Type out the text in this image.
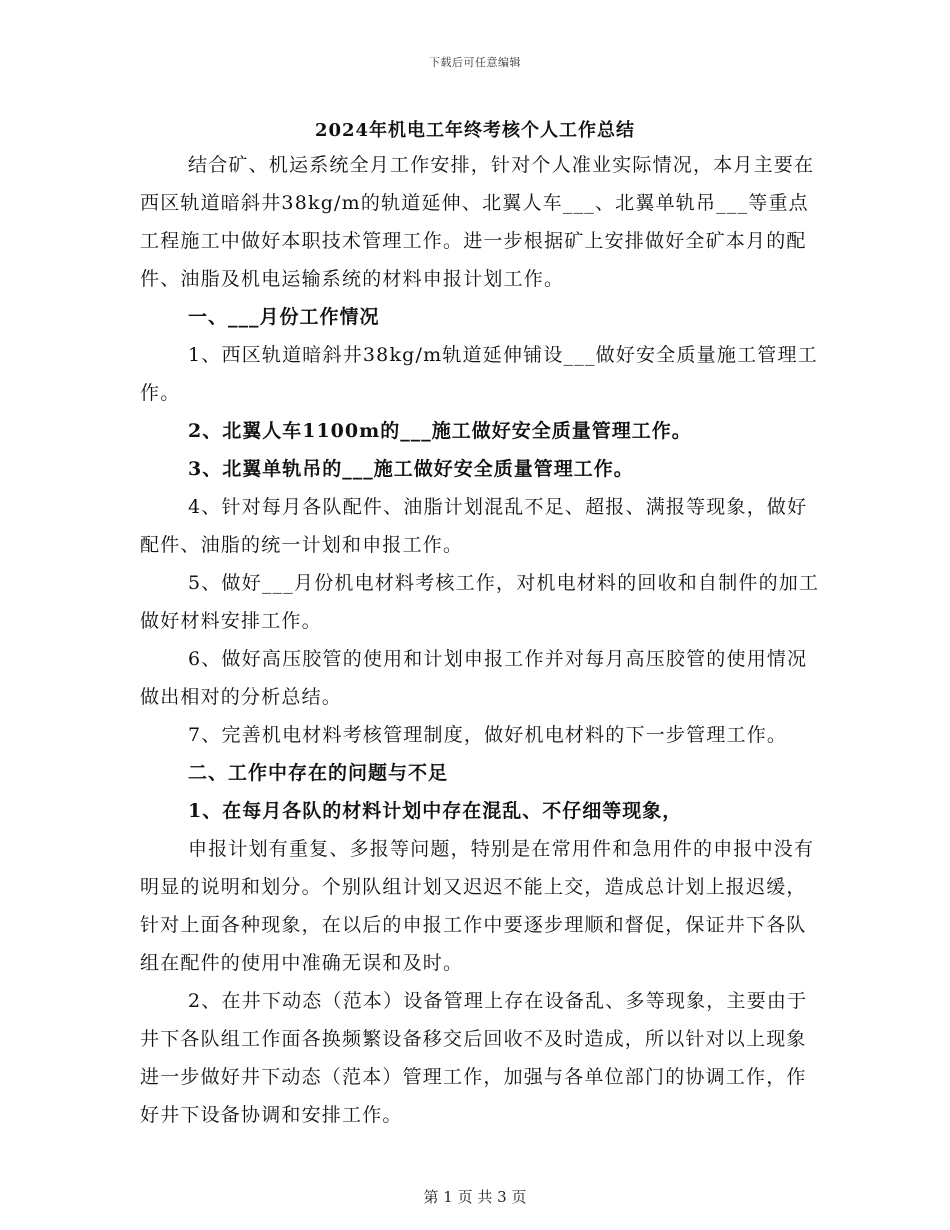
下载后可任意编辑
2024年机电工年终考核个人工作总结

结合矿、机运系统全月工作安排，针对个人准业实际情况，本月主要在西区轨道暗斜井38kg/m的轨道延伸、北翼人车___、北翼单轨吊___等重点工程施工中做好本职技术管理工作。进一步根据矿上安排做好全矿本月的配件、油脂及机电运输系统的材料申报计划工作。

一、___月份工作情况

1、西区轨道暗斜井38kg/m轨道延伸铺设___做好安全质量施工管理工作。

2、北翼人车1100m的___施工做好安全质量管理工作。

3、北翼单轨吊的___施工做好安全质量管理工作。

4、针对每月各队配件、油脂计划混乱不足、超报、满报等现象，做好配件、油脂的统一计划和申报工作。

5、做好___月份机电材料考核工作，对机电材料的回收和自制件的加工做好材料安排工作。

6、做好高压胶管的使用和计划申报工作并对每月高压胶管的使用情况做出相对的分析总结。

7、完善机电材料考核管理制度，做好机电材料的下一步管理工作。

二、工作中存在的问题与不足

1、在每月各队的材料计划中存在混乱、不仔细等现象，

申报计划有重复、多报等问题，特别是在常用件和急用件的申报中没有明显的说明和划分。个别队组计划又迟迟不能上交，造成总计划上报迟缓，针对上面各种现象，在以后的申报工作中要逐步理顺和督促，保证井下各队组在配件的使用中准确无误和及时。

2、在井下动态（范本）设备管理上存在设备乱、多等现象，主要由于井下各队组工作面各换频繁设备移交后回收不及时造成，所以针对以上现象进一步做好井下动态（范本）管理工作，加强与各单位部门的协调工作，作好井下设备协调和安排工作。

第 1 页 共 3 页
